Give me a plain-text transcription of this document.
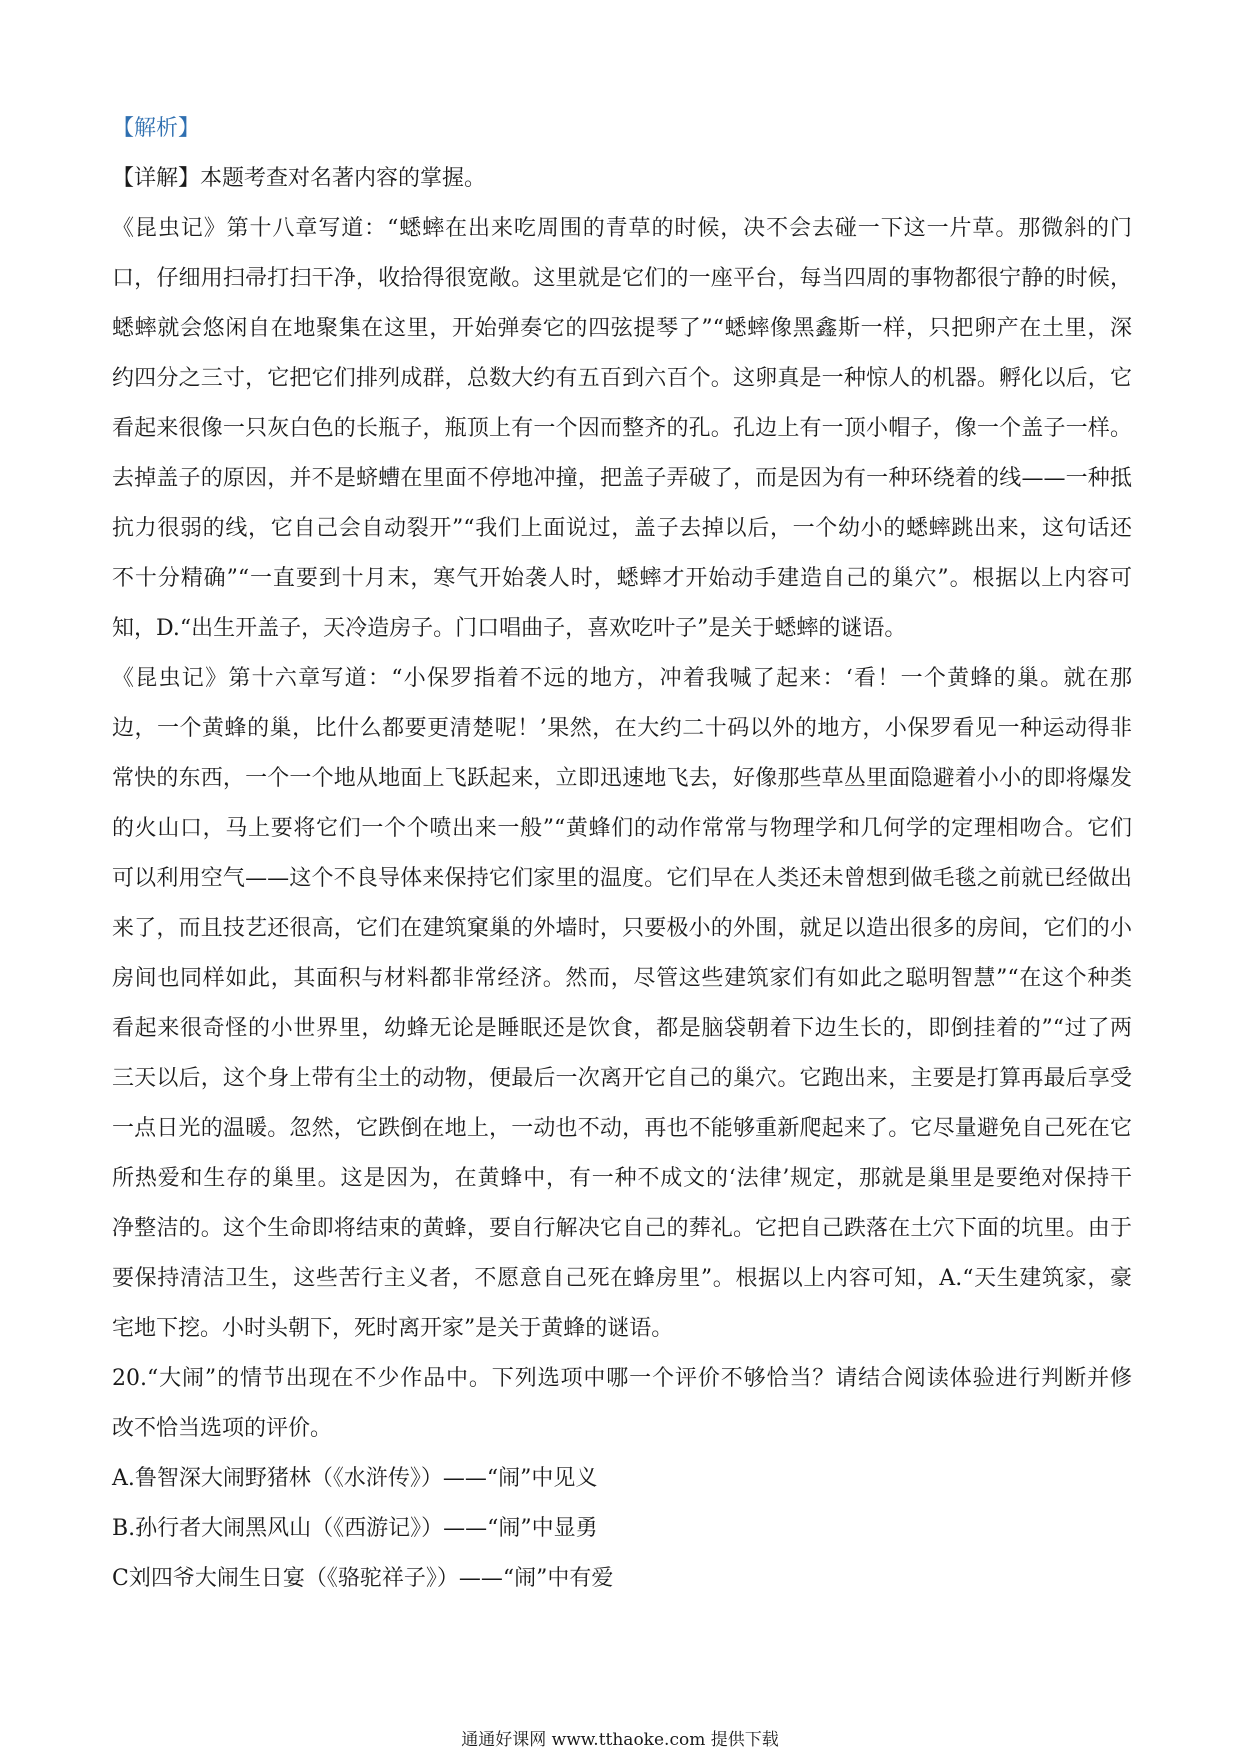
【解析】
【详解】本题考查对名著内容的掌握。
《昆虫记》第十八章写道：“蟋蟀在出来吃周围的青草的时候，决不会去碰一下这一片草。那微斜的门
口，仔细用扫帚打扫干净，收拾得很宽敞。这里就是它们的一座平台，每当四周的事物都很宁静的时候，
蟋蟀就会悠闲自在地聚集在这里，开始弹奏它的四弦提琴了”“蟋蟀像黑鑫斯一样，只把卵产在土里，深
约四分之三寸，它把它们排列成群，总数大约有五百到六百个。这卵真是一种惊人的机器。孵化以后，它
看起来很像一只灰白色的长瓶子，瓶顶上有一个因而整齐的孔。孔边上有一顶小帽子，像一个盖子一样。
去掉盖子的原因，并不是蛴螬在里面不停地冲撞，把盖子弄破了，而是因为有一种环绕着的线——一种抵
抗力很弱的线，它自己会自动裂开”“我们上面说过，盖子去掉以后，一个幼小的蟋蟀跳出来，这句话还
不十分精确”“一直要到十月末，寒气开始袭人时，蟋蟀才开始动手建造自己的巢穴”。根据以上内容可
知，D.“出生开盖子，天冷造房子。门口唱曲子，喜欢吃叶子”是关于蟋蟀的谜语。
《昆虫记》第十六章写道：“小保罗指着不远的地方，冲着我喊了起来：‘看！一个黄蜂的巢。就在那
边，一个黄蜂的巢，比什么都要更清楚呢！’果然，在大约二十码以外的地方，小保罗看见一种运动得非
常快的东西，一个一个地从地面上飞跃起来，立即迅速地飞去，好像那些草丛里面隐避着小小的即将爆发
的火山口，马上要将它们一个个喷出来一般”“黄蜂们的动作常常与物理学和几何学的定理相吻合。它们
可以利用空气——这个不良导体来保持它们家里的温度。它们早在人类还未曾想到做毛毯之前就已经做出
来了，而且技艺还很高，它们在建筑窠巢的外墙时，只要极小的外围，就足以造出很多的房间，它们的小
房间也同样如此，其面积与材料都非常经济。然而，尽管这些建筑家们有如此之聪明智慧”“在这个种类
看起来很奇怪的小世界里，幼蜂无论是睡眠还是饮食，都是脑袋朝着下边生长的，即倒挂着的”“过了两
三天以后，这个身上带有尘土的动物，便最后一次离开它自己的巢穴。它跑出来，主要是打算再最后享受
一点日光的温暖。忽然，它跌倒在地上，一动也不动，再也不能够重新爬起来了。它尽量避免自己死在它
所热爱和生存的巢里。这是因为，在黄蜂中，有一种不成文的‘法律’规定，那就是巢里是要绝对保持干
净整洁的。这个生命即将结束的黄蜂，要自行解决它自己的葬礼。它把自己跌落在土穴下面的坑里。由于
要保持清洁卫生，这些苦行主义者，不愿意自己死在蜂房里”。根据以上内容可知，A.“天生建筑家，豪
宅地下挖。小时头朝下，死时离开家”是关于黄蜂的谜语。
20.“大闹”的情节出现在不少作品中。下列选项中哪一个评价不够恰当？请结合阅读体验进行判断并修
改不恰当选项的评价。
A.鲁智深大闹野猪林（《水浒传》）——“闹”中见义
B.孙行者大闹黑风山（《西游记》）——“闹”中显勇
C刘四爷大闹生日宴（《骆驼祥子》）——“闹”中有爱
通通好课网 www.tthaoke.com 提供下载
